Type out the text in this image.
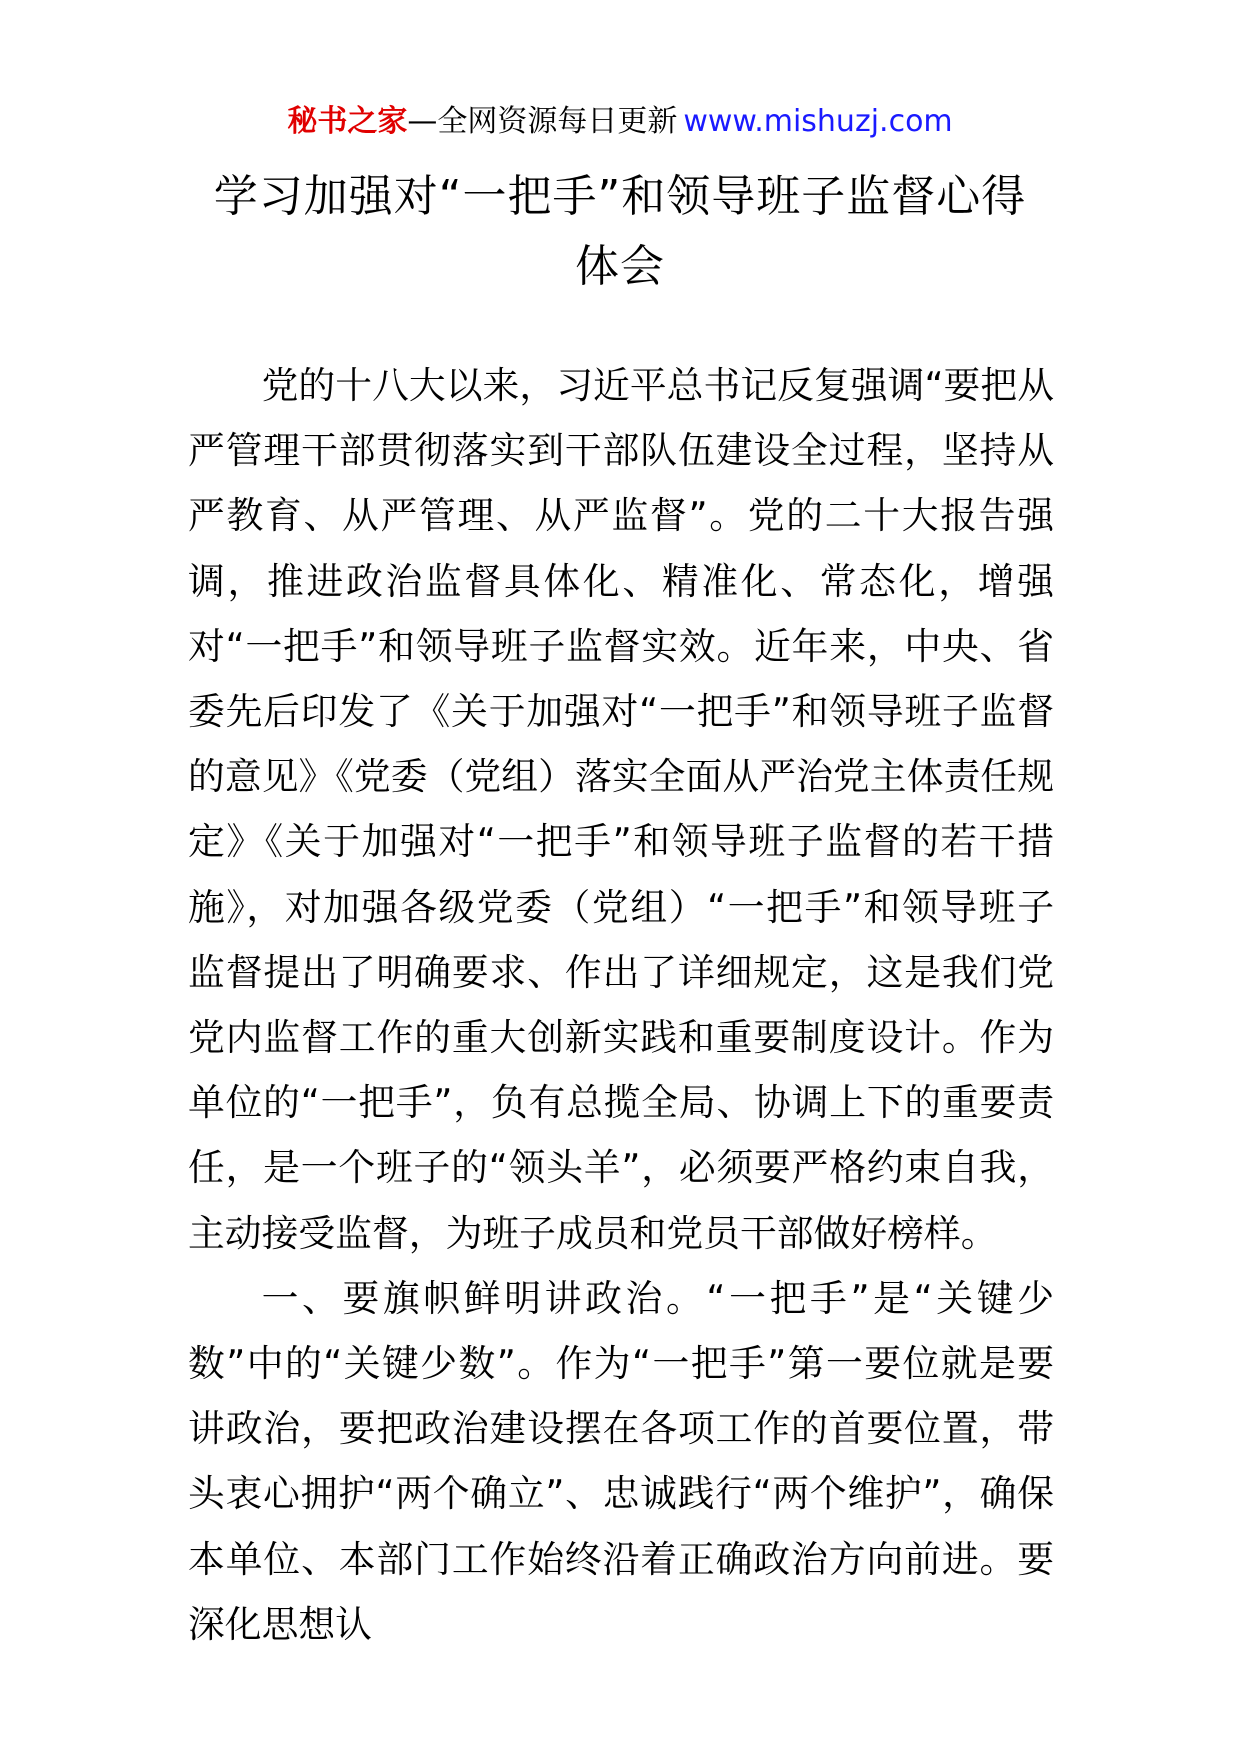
秘书之家—全网资源每日更新 www.mishuzj.com
学习加强对“一把手”和领导班子监督心得体会

党的十八大以来，习近平总书记反复强调“要把从严管理干部贯彻落实到干部队伍建设全过程，坚持从严教育、从严管理、从严监督”。党的二十大报告强调，推进政治监督具体化、精准化、常态化，增强对“一把手”和领导班子监督实效。近年来，中央、省委先后印发了《关于加强对“一把手”和领导班子监督的意见》《党委（党组）落实全面从严治党主体责任规定》《关于加强对“一把手”和领导班子监督的若干措施》，对加强各级党委（党组）“一把手”和领导班子监督提出了明确要求、作出了详细规定，这是我们党党内监督工作的重大创新实践和重要制度设计。作为单位的“一把手”，负有总揽全局、协调上下的重要责任，是一个班子的“领头羊”，必须要严格约束自我，主动接受监督，为班子成员和党员干部做好榜样。

一、要旗帜鲜明讲政治。“一把手”是“关键少数”中的“关键少数”。作为“一把手”第一要位就是要讲政治，要把政治建设摆在各项工作的首要位置，带头衷心拥护“两个确立”、忠诚践行“两个维护”，确保本单位、本部门工作始终沿着正确政治方向前进。要深化思想认
